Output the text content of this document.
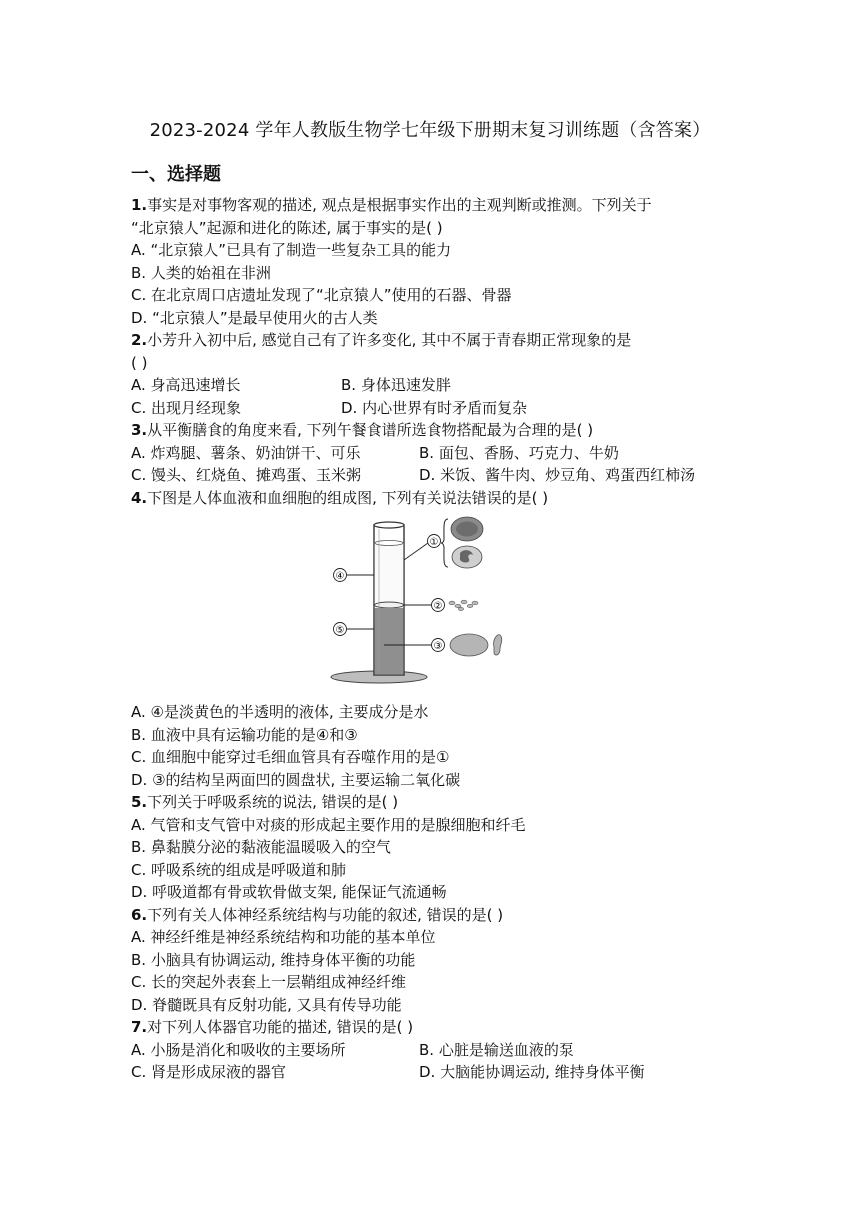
2023-2024 学年人教版生物学七年级下册期末复习训练题（含答案）
一、选择题
1.事实是对事物客观的描述, 观点是根据事实作出的主观判断或推测。下列关于
“北京猿人”起源和进化的陈述, 属于事实的是( )
A. “北京猿人”已具有了制造一些复杂工具的能力
B. 人类的始祖在非洲
C. 在北京周口店遗址发现了“北京猿人”使用的石器、骨器
D. “北京猿人”是最早使用火的古人类
2.小芳升入初中后, 感觉自己有了许多变化, 其中不属于青春期正常现象的是
( )
A. 身高迅速增长	B. 身体迅速发胖
C. 出现月经现象	D. 内心世界有时矛盾而复杂
3.从平衡膳食的角度来看, 下列午餐食谱所选食物搭配最为合理的是( )
A. 炸鸡腿、薯条、奶油饼干、可乐	B. 面包、香肠、巧克力、牛奶
C. 馒头、红烧鱼、摊鸡蛋、玉米粥	D. 米饭、酱牛肉、炒豆角、鸡蛋西红柿汤
4.下图是人体血液和血细胞的组成图, 下列有关说法错误的是( )
④
⑤
②
③
①
A. ④是淡黄色的半透明的液体, 主要成分是水
B. 血液中具有运输功能的是④和③
C. 血细胞中能穿过毛细血管具有吞噬作用的是①
D. ③的结构呈两面凹的圆盘状, 主要运输二氧化碳
5.下列关于呼吸系统的说法, 错误的是( )
A. 气管和支气管中对痰的形成起主要作用的是腺细胞和纤毛
B. 鼻黏膜分泌的黏液能温暖吸入的空气
C. 呼吸系统的组成是呼吸道和肺
D. 呼吸道都有骨或软骨做支架, 能保证气流通畅
6.下列有关人体神经系统结构与功能的叙述, 错误的是( )
A. 神经纤维是神经系统结构和功能的基本单位
B. 小脑具有协调运动, 维持身体平衡的功能
C. 长的突起外表套上一层鞘组成神经纤维
D. 脊髓既具有反射功能, 又具有传导功能
7.对下列人体器官功能的描述, 错误的是( )
A. 小肠是消化和吸收的主要场所	B. 心脏是输送血液的泵
C. 肾是形成尿液的器官	D. 大脑能协调运动, 维持身体平衡
